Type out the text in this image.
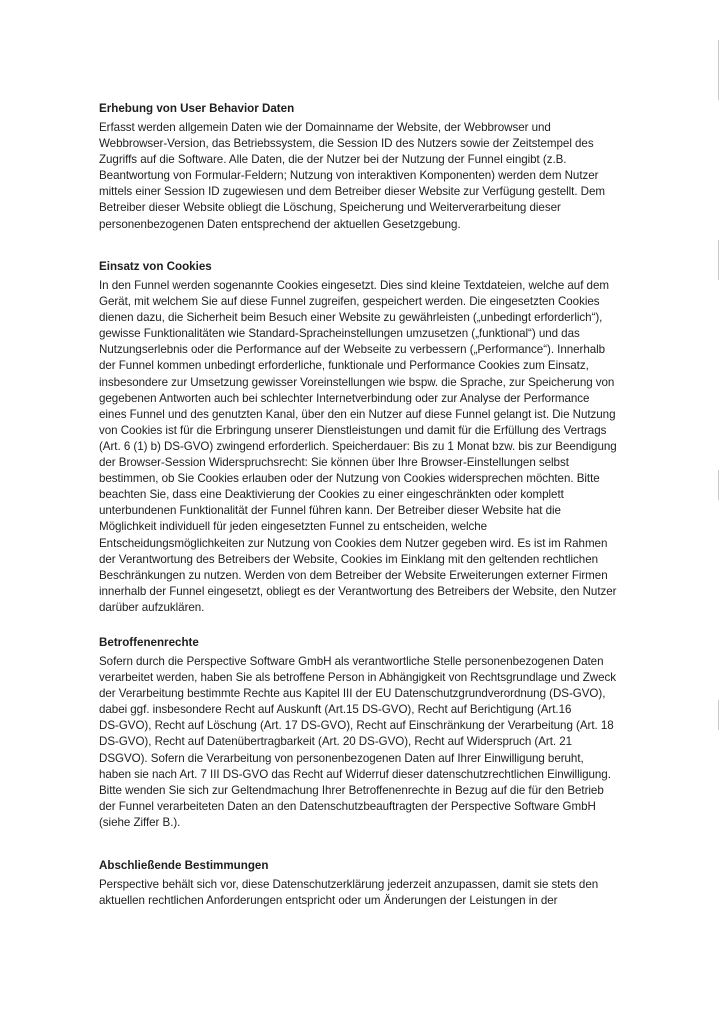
Erhebung von User Behavior Daten
Erfasst werden allgemein Daten wie der Domainname der Website, der Webbrowser und
Webbrowser-Version, das Betriebssystem, die Session ID des Nutzers sowie der Zeitstempel des
Zugriffs auf die Software. Alle Daten, die der Nutzer bei der Nutzung der Funnel eingibt (z.B.
Beantwortung von Formular-Feldern; Nutzung von interaktiven Komponenten) werden dem Nutzer
mittels einer Session ID zugewiesen und dem Betreiber dieser Website zur Verfügung gestellt. Dem
Betreiber dieser Website obliegt die Löschung, Speicherung und Weiterverarbeitung dieser
personenbezogenen Daten entsprechend der aktuellen Gesetzgebung.
Einsatz von Cookies
In den Funnel werden sogenannte Cookies eingesetzt. Dies sind kleine Textdateien, welche auf dem
Gerät, mit welchem Sie auf diese Funnel zugreifen, gespeichert werden. Die eingesetzten Cookies
dienen dazu, die Sicherheit beim Besuch einer Website zu gewährleisten („unbedingt erforderlich“),
gewisse Funktionalitäten wie Standard-Spracheinstellungen umzusetzen („funktional“) und das
Nutzungserlebnis oder die Performance auf der Webseite zu verbessern („Performance“). Innerhalb
der Funnel kommen unbedingt erforderliche, funktionale und Performance Cookies zum Einsatz,
insbesondere zur Umsetzung gewisser Voreinstellungen wie bspw. die Sprache, zur Speicherung von
gegebenen Antworten auch bei schlechter Internetverbindung oder zur Analyse der Performance
eines Funnel und des genutzten Kanal, über den ein Nutzer auf diese Funnel gelangt ist. Die Nutzung
von Cookies ist für die Erbringung unserer Dienstleistungen und damit für die Erfüllung des Vertrags
(Art. 6 (1) b) DS-GVO) zwingend erforderlich. Speicherdauer: Bis zu 1 Monat bzw. bis zur Beendigung
der Browser-Session Widerspruchsrecht: Sie können über Ihre Browser-Einstellungen selbst
bestimmen, ob Sie Cookies erlauben oder der Nutzung von Cookies widersprechen möchten. Bitte
beachten Sie, dass eine Deaktivierung der Cookies zu einer eingeschränkten oder komplett
unterbundenen Funktionalität der Funnel führen kann. Der Betreiber dieser Website hat die
Möglichkeit individuell für jeden eingesetzten Funnel zu entscheiden, welche
Entscheidungsmöglichkeiten zur Nutzung von Cookies dem Nutzer gegeben wird. Es ist im Rahmen
der Verantwortung des Betreibers der Website, Cookies im Einklang mit den geltenden rechtlichen
Beschränkungen zu nutzen. Werden von dem Betreiber der Website Erweiterungen externer Firmen
innerhalb der Funnel eingesetzt, obliegt es der Verantwortung des Betreibers der Website, den Nutzer
darüber aufzuklären.
Betroffenenrechte
Sofern durch die Perspective Software GmbH als verantwortliche Stelle personenbezogenen Daten
verarbeitet werden, haben Sie als betroffene Person in Abhängigkeit von Rechtsgrundlage und Zweck
der Verarbeitung bestimmte Rechte aus Kapitel III der EU Datenschutzgrundverordnung (DS-GVO),
dabei ggf. insbesondere Recht auf Auskunft (Art.15 DS-GVO), Recht auf Berichtigung (Art.16
DS-GVO), Recht auf Löschung (Art. 17 DS-GVO), Recht auf Einschränkung der Verarbeitung (Art. 18
DS-GVO), Recht auf Datenübertragbarkeit (Art. 20 DS-GVO), Recht auf Widerspruch (Art. 21
DSGVO). Sofern die Verarbeitung von personenbezogenen Daten auf Ihrer Einwilligung beruht,
haben sie nach Art. 7 III DS-GVO das Recht auf Widerruf dieser datenschutzrechtlichen Einwilligung.
Bitte wenden Sie sich zur Geltendmachung Ihrer Betroffenenrechte in Bezug auf die für den Betrieb
der Funnel verarbeiteten Daten an den Datenschutzbeauftragten der Perspective Software GmbH
(siehe Ziffer B.).
Abschließende Bestimmungen
Perspective behält sich vor, diese Datenschutzerklärung jederzeit anzupassen, damit sie stets den
aktuellen rechtlichen Anforderungen entspricht oder um Änderungen der Leistungen in der
